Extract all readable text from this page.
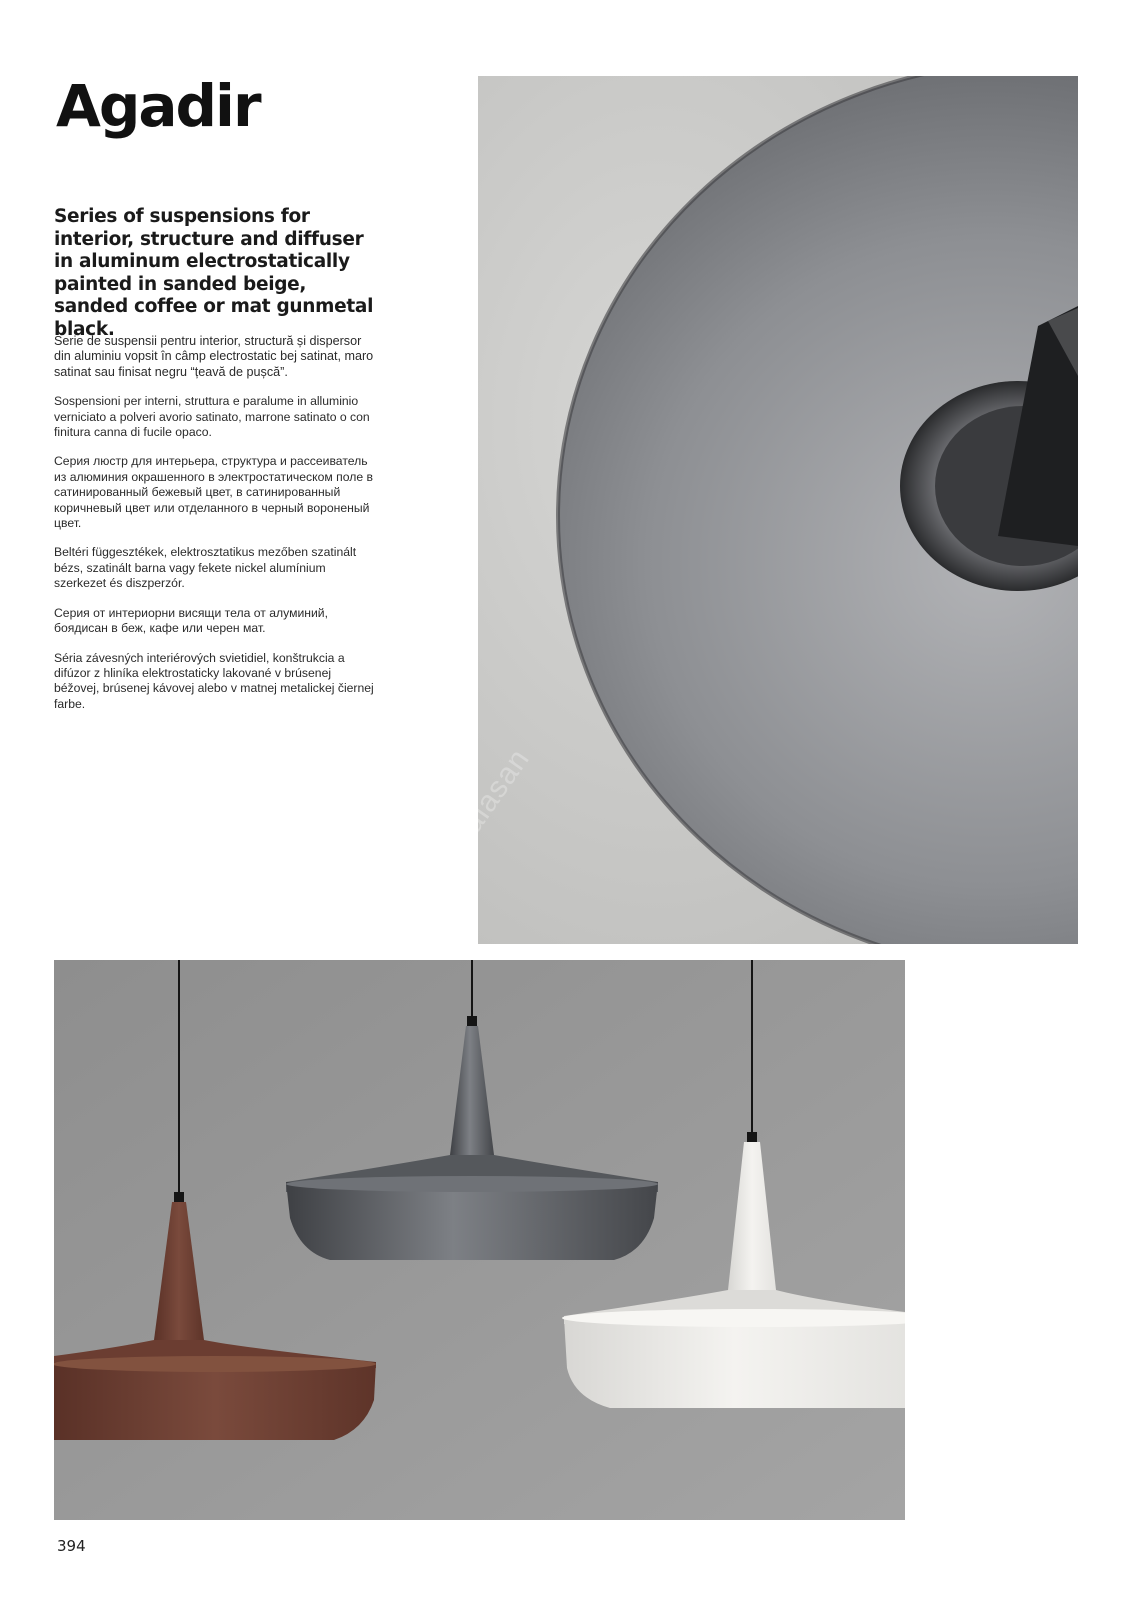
Agadir

Series of suspensions for interior, structure and diffuser in aluminum electrostatically painted in sanded beige, sanded coffee or mat gunmetal black.

Serie de suspensii pentru interior, structură și dispersor din aluminiu vopsit în câmp electrostatic bej satinat, maro satinat sau finisat negru “țeavă de pușcă”.

Sospensioni per interni, struttura e paralume in alluminio verniciato a polveri avorio satinato, marrone satinato o con finitura canna di fucile opaco.

Серия люстр для интерьера, структура и рассеиватель из алюминия окрашенного в электростатическом поле в сатинированный бежевый цвет, в сатинированный коричневый цвет или отделанного в черный вороненый цвет.

Beltéri függesztékek, elektrosztatikus mezőben szatinált bézs, szatinált barna vagy fekete nickel alumínium szerkezet és diszperzór.

Серия от интериорни висящи тела от алуминий, боядисан в беж, кафе или черен мат.

Séria závesných interiérových svietidiel, konštrukcia a difúzor z hliníka elektrostaticky lakované v brúsenej béžovej, brúsenej kávovej alebo v matnej metalickej čiernej farbe.

alasan
394
